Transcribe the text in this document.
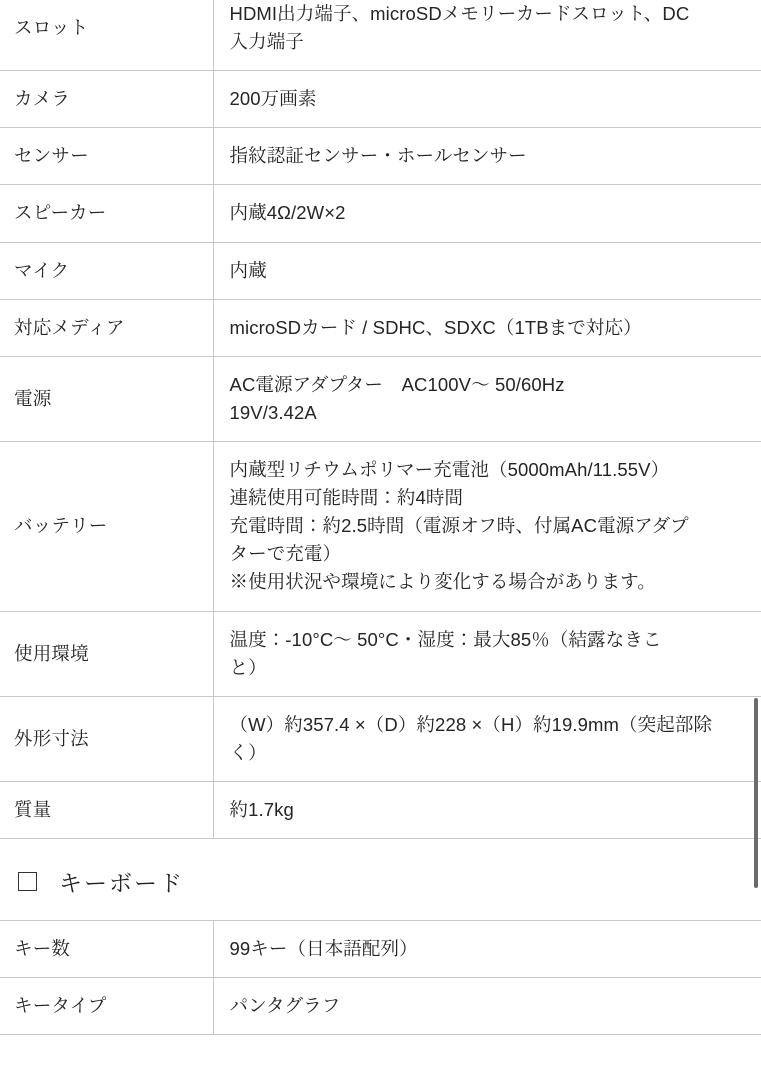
スロット	HDMI出力端子、microSDメモリーカードスロット、DC
入力端子

カメラ	200万画素

センサー	指紋認証センサー・ホールセンサー

スピーカー	内蔵4Ω/2W×2

マイク	内蔵

対応メディア	microSDカード / SDHC、SDXC（1TBまで対応）

電源	AC電源アダプター　AC100V〜 50/60Hz
19V/3.42A

バッテリー	内蔵型リチウムポリマー充電池（5000mAh/11.55V）
連続使用可能時間：約4時間
充電時間：約2.5時間（電源オフ時、付属AC電源アダプ
ターで充電）
※使用状況や環境により変化する場合があります。

使用環境	温度：-10°C〜 50°C・湿度：最大85％（結露なきこ
と）

外形寸法	（W）約357.4 ×（D）約228 ×（H）約19.9mm（突起部除
く）

質量	約1.7kg
キーボード
キー数	99キー（日本語配列）

キータイプ	パンタグラフ
